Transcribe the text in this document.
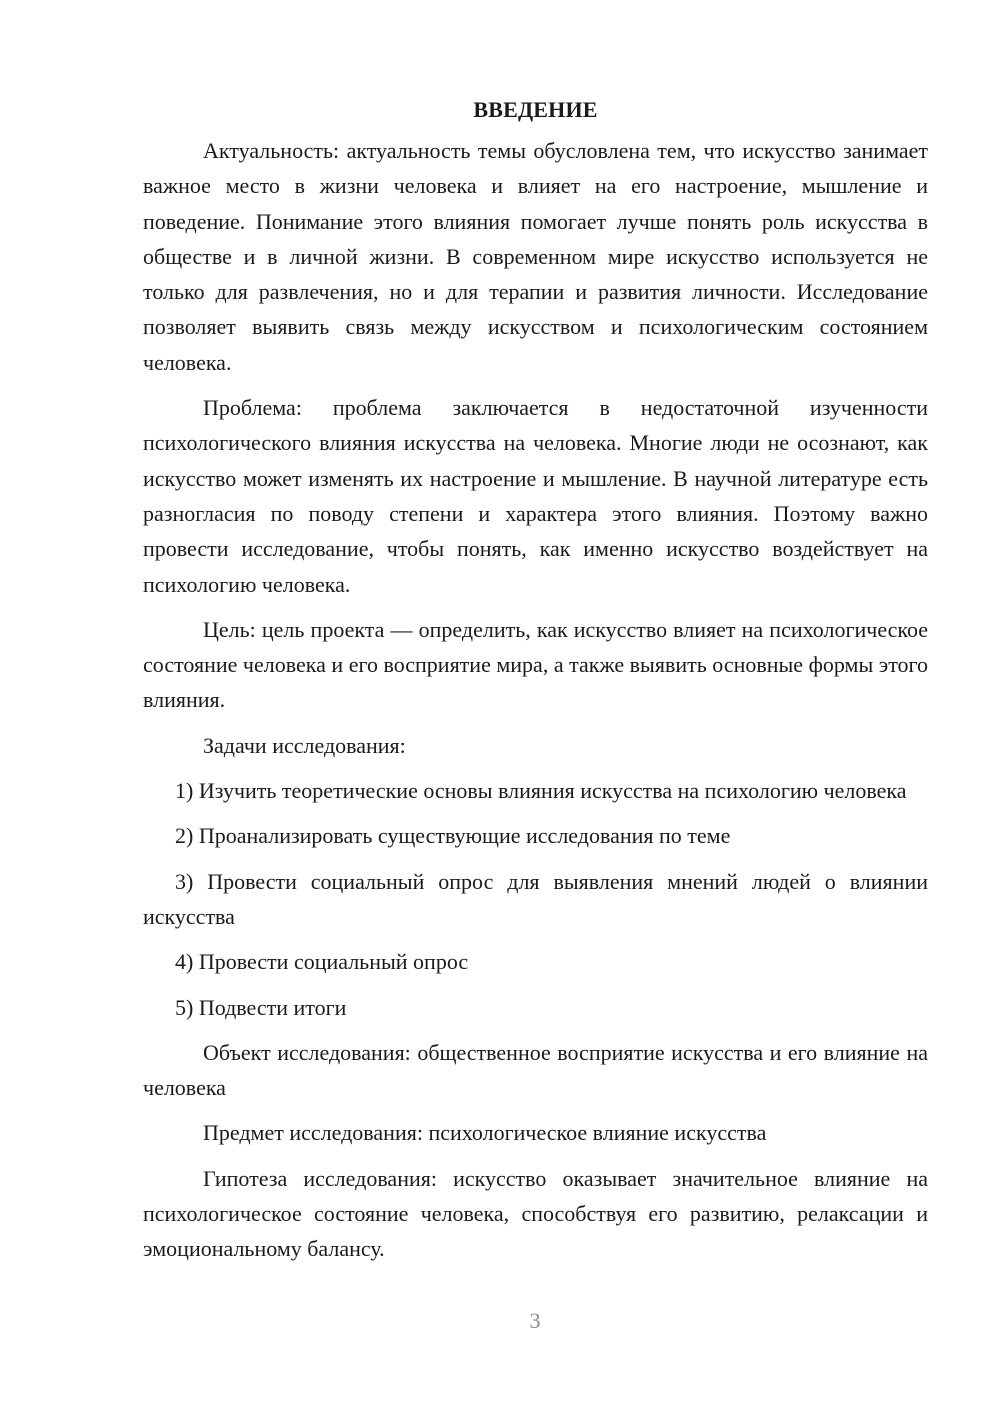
ВВЕДЕНИЕ

Актуальность: актуальность темы обусловлена тем, что искусство занимает важное место в жизни человека и влияет на его настроение, мышление и поведение. Понимание этого влияния помогает лучше понять роль искусства в обществе и в личной жизни. В современном мире искусство используется не только для развлечения, но и для терапии и развития личности. Исследование позволяет выявить связь между искусством и психологическим состоянием человека.

Проблема: проблема заключается в недостаточной изученности психологического влияния искусства на человека. Многие люди не осознают, как искусство может изменять их настроение и мышление. В научной литературе есть разногласия по поводу степени и характера этого влияния. Поэтому важно провести исследование, чтобы понять, как именно искусство воздействует на психологию человека.

Цель: цель проекта — определить, как искусство влияет на психологическое состояние человека и его восприятие мира, а также выявить основные формы этого влияния.

Задачи исследования:

1) Изучить теоретические основы влияния искусства на психологию человека

2) Проанализировать существующие исследования по теме

3) Провести социальный опрос для выявления мнений людей о влиянии искусства

4) Провести социальный опрос

5) Подвести итоги

Объект исследования: общественное восприятие искусства и его влияние на человека

Предмет исследования: психологическое влияние искусства

Гипотеза исследования: искусство оказывает значительное влияние на психологическое состояние человека, способствуя его развитию, релаксации и эмоциональному балансу.

3
